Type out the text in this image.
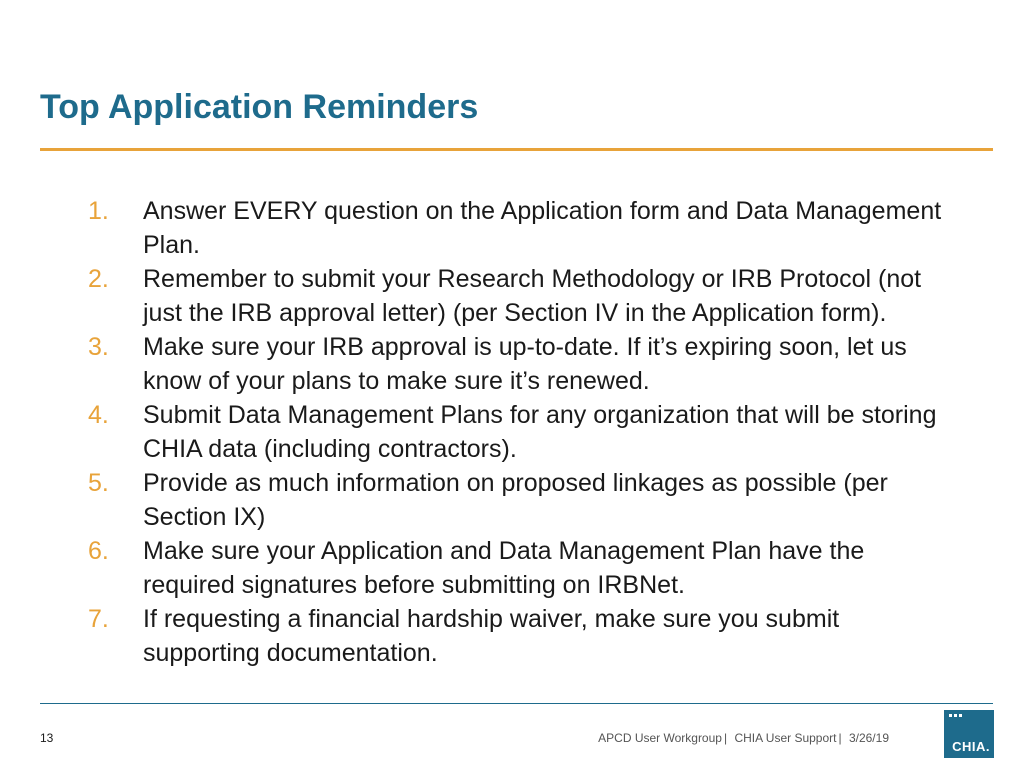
Top Application Reminders
1. Answer EVERY question on the Application form and Data Management Plan.
2. Remember to submit your Research Methodology or IRB Protocol (not just the IRB approval letter) (per Section IV in the Application form).
3. Make sure your IRB approval is up-to-date. If it’s expiring soon, let us know of your plans to make sure it’s renewed.
4. Submit Data Management Plans for any organization that will be storing CHIA data (including contractors).
5. Provide as much information on proposed linkages as possible (per Section IX)
6. Make sure your Application and Data Management Plan have the required signatures before submitting on IRBNet.
7. If requesting a financial hardship waiver, make sure you submit supporting documentation.
13	APCD User Workgroup | CHIA User Support | 3/26/19
CHIA.
